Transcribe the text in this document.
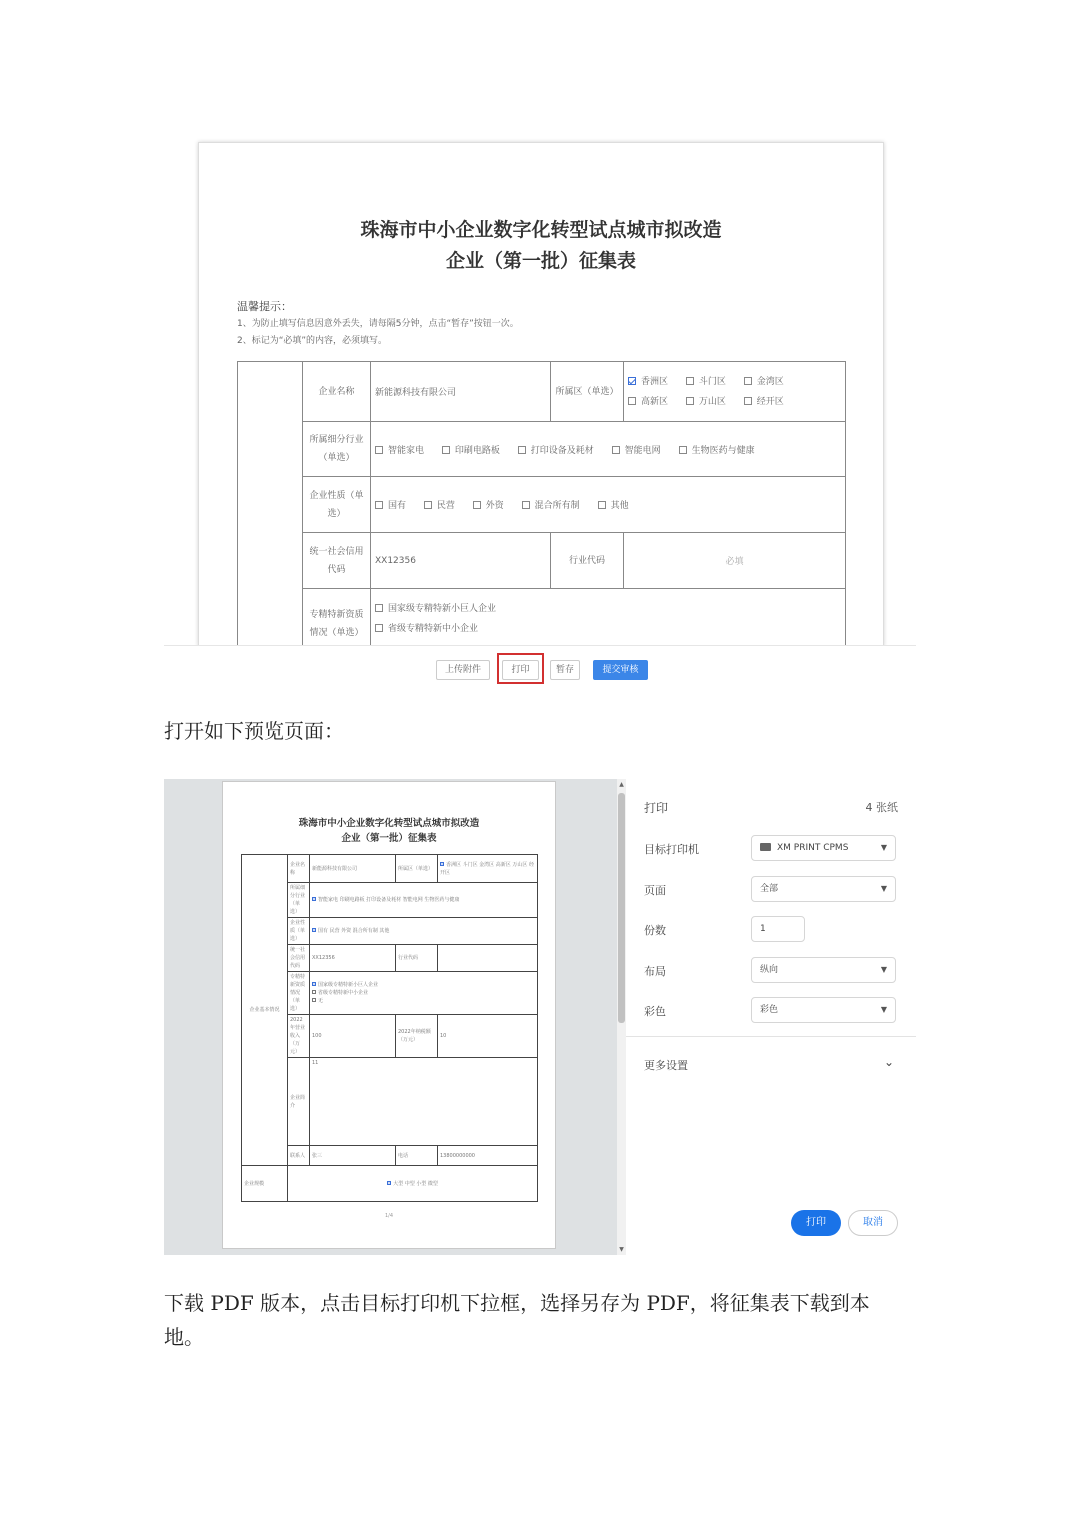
珠海市中小企业数字化转型试点城市拟改造
企业（第一批）征集表
温馨提示：
1、为防止填写信息因意外丢失，请每隔5分钟，点击“暂存”按钮一次。
2、标记为“必填”的内容，必须填写。
	企业名称	新能源科技有限公司	所属区（单选）	香洲区 斗门区 金湾区
高新区 万山区 经开区

	所属细分行业（单选）	智能家电 印刷电路板 打印设备及耗材 智能电网 生物医药与健康		
	企业性质（单选）	国有 民营 外资 混合所有制 其他		
	统一社会信用代码	XX12356	行业代码	必填
	专精特新资质情况（单选）	国家级专精特新小巨人企业
省级专精特新中小企业		
上传附件	打印	暂存	提交审核
打开如下预览页面：
珠海市中小企业数字化转型试点城市拟改造
企业（第一批）征集表
企业基本情况	企业名称	新能源科技有限公司	所属区（单选）	香洲区 斗门区 金湾区 高新区 万山区 经开区
	所属细分行业（单选）	智能家电 印刷电路板 打印设备及耗材 智能电网 生物医药与健康		
	企业性质（单选）	国有 民营 外资 混合所有制 其他		
	统一社会信用代码	XX12356	行业代码	
	专精特新资质情况（单选）	国家级专精特新小巨人企业
省级专精特新中小企业
无		

	2022年营业收入（万元）	100	2022年纳税额（万元）	10
	企业简介	11		
	联系人	张三	电话	13800000000
企业规模	大型 中型 小型 微型			
1/4
▲
▼
打印	4 张纸
目标打印机	XM PRINT CPMS	▼
页面	全部	▼
份数	1
布局	纵向	▼
彩色	彩色	▼
更多设置	⌄
打印	取消
下载 PDF 版本，点击目标打印机下拉框，选择另存为 PDF，将征集表下载到本
地。
